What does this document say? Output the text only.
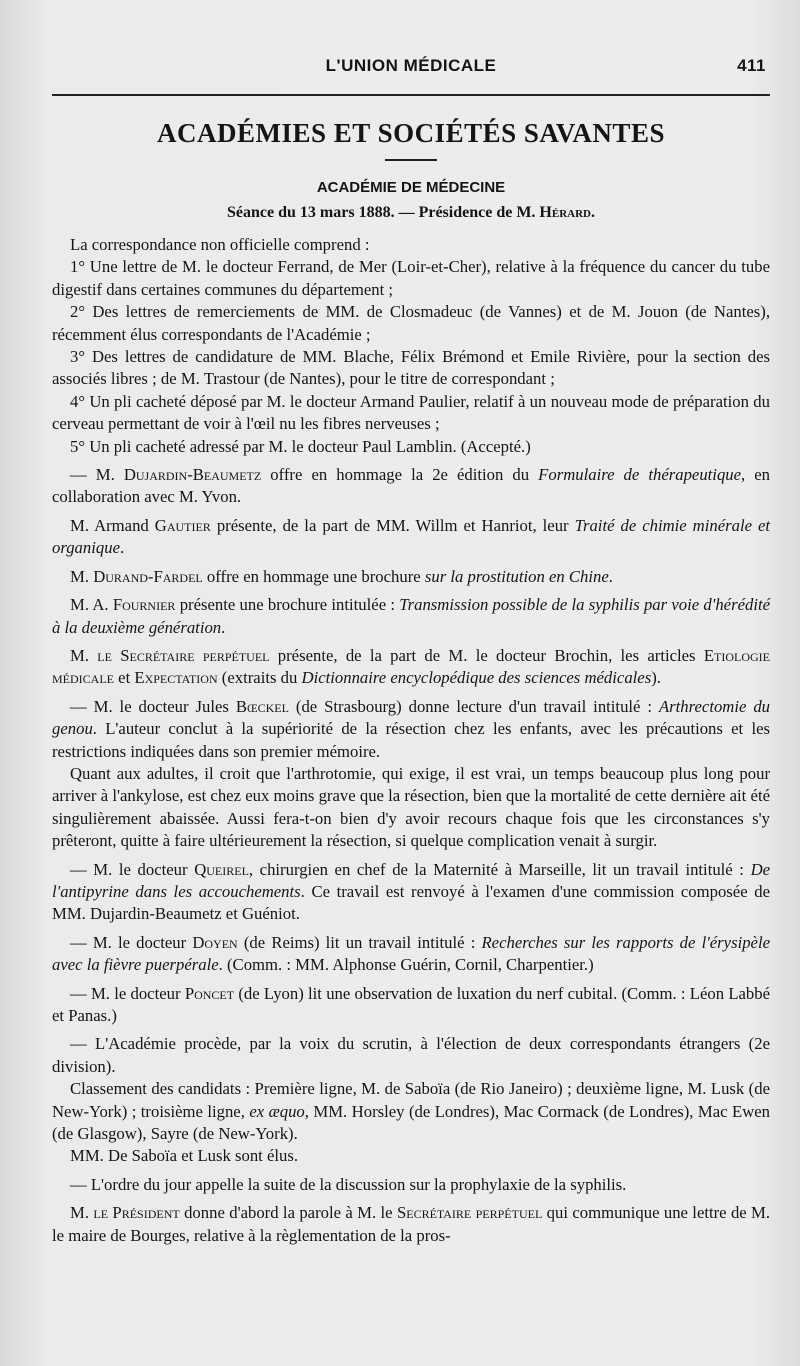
L'UNION MÉDICALE	411
ACADÉMIES ET SOCIÉTÉS SAVANTES
ACADÉMIE DE MÉDECINE
Séance du 13 mars 1888. — Présidence de M. Hérard.

La correspondance non officielle comprend :

1° Une lettre de M. le docteur Ferrand, de Mer (Loir-et-Cher), relative à la fréquence du cancer du tube digestif dans certaines communes du département ;

2° Des lettres de remerciements de MM. de Closmadeuc (de Vannes) et de M. Jouon (de Nantes), récemment élus correspondants de l'Académie ;

3° Des lettres de candidature de MM. Blache, Félix Brémond et Emile Rivière, pour la section des associés libres ; de M. Trastour (de Nantes), pour le titre de correspondant ;

4° Un pli cacheté déposé par M. le docteur Armand Paulier, relatif à un nouveau mode de préparation du cerveau permettant de voir à l'œil nu les fibres nerveuses ;

5° Un pli cacheté adressé par M. le docteur Paul Lamblin. (Accepté.)

— M. Dujardin-Beaumetz offre en hommage la 2e édition du Formulaire de thérapeutique, en collaboration avec M. Yvon.

M. Armand Gautier présente, de la part de MM. Willm et Hanriot, leur Traité de chimie minérale et organique.

M. Durand-Fardel offre en hommage une brochure sur la prostitution en Chine.

M. A. Fournier présente une brochure intitulée : Transmission possible de la syphilis par voie d'hérédité à la deuxième génération.

M. le Secrétaire perpétuel présente, de la part de M. le docteur Brochin, les articles Etiologie médicale et Expectation (extraits du Dictionnaire encyclopédique des sciences médicales).

— M. le docteur Jules Bœckel (de Strasbourg) donne lecture d'un travail intitulé : Arthrectomie du genou. L'auteur conclut à la supériorité de la résection chez les enfants, avec les précautions et les restrictions indiquées dans son premier mémoire.

Quant aux adultes, il croit que l'arthrotomie, qui exige, il est vrai, un temps beaucoup plus long pour arriver à l'ankylose, est chez eux moins grave que la résection, bien que la mortalité de cette dernière ait été singulièrement abaissée. Aussi fera-t-on bien d'y avoir recours chaque fois que les circonstances s'y prêteront, quitte à faire ultérieurement la résection, si quelque complication venait à surgir.

— M. le docteur Queirel, chirurgien en chef de la Maternité à Marseille, lit un travail intitulé : De l'antipyrine dans les accouchements. Ce travail est renvoyé à l'examen d'une commission composée de MM. Dujardin-Beaumetz et Guéniot.

— M. le docteur Doyen (de Reims) lit un travail intitulé : Recherches sur les rapports de l'érysipèle avec la fièvre puerpérale. (Comm. : MM. Alphonse Guérin, Cornil, Charpentier.)

— M. le docteur Poncet (de Lyon) lit une observation de luxation du nerf cubital. (Comm. : Léon Labbé et Panas.)

— L'Académie procède, par la voix du scrutin, à l'élection de deux correspondants étrangers (2e division).

Classement des candidats : Première ligne, M. de Saboïa (de Rio Janeiro) ; deuxième ligne, M. Lusk (de New-York) ; troisième ligne, ex æquo, MM. Horsley (de Londres), Mac Cormack (de Londres), Mac Ewen (de Glasgow), Sayre (de New-York).

MM. De Saboïa et Lusk sont élus.

— L'ordre du jour appelle la suite de la discussion sur la prophylaxie de la syphilis.

M. le Président donne d'abord la parole à M. le Secrétaire perpétuel qui communique une lettre de M. le maire de Bourges, relative à la règlementation de la pros-
